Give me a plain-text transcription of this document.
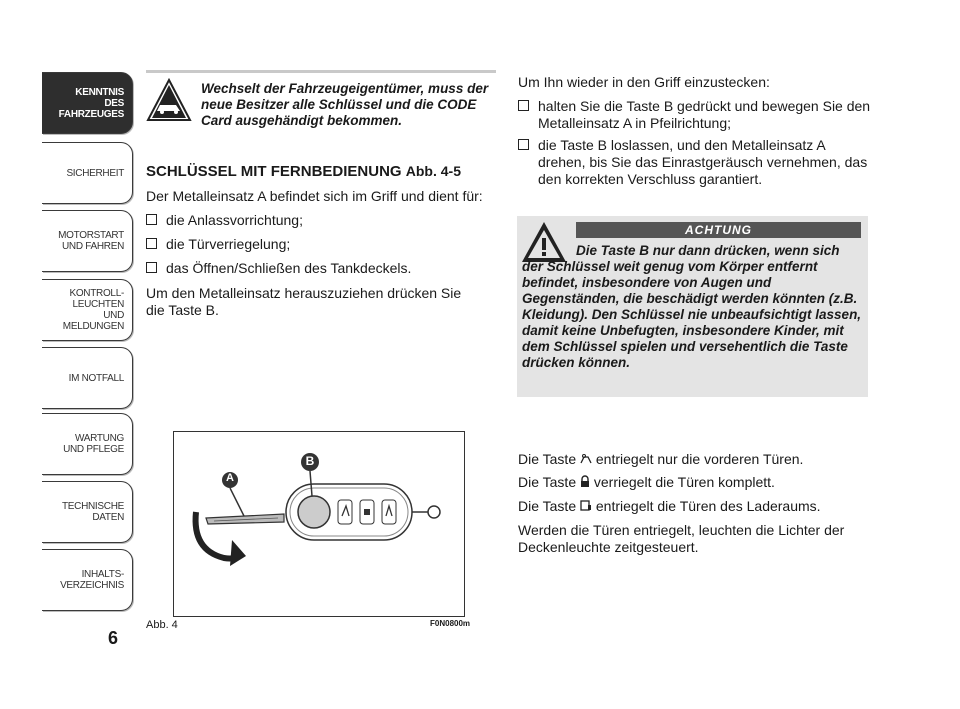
KENNTNIS
DES FAHRZEUGES
SICHERHEIT
MOTORSTART
UND FAHREN
KONTROLL-
LEUCHTEN
UND MELDUNGEN
IM NOTFALL
WARTUNG
UND PFLEGE
TECHNISCHE
DATEN
INHALTS-
VERZEICHNIS
6
Wechselt der Fahrzeugeigentümer, muss der neue Besitzer alle Schlüssel und die CODE Card ausgehändigt bekommen.
SCHLÜSSEL MIT FERNBEDIENUNG Abb. 4-5
Der Metalleinsatz A befindet sich im Griff und dient für:
die Anlassvorrichtung;
die Türverriegelung;
das Öffnen/Schließen des Tankdeckels.
Um den Metalleinsatz herauszuziehen drücken Sie die Taste B.
A
B
Abb. 4	F0N0800m
Um Ihn wieder in den Griff einzustecken:
halten Sie die Taste B gedrückt und bewegen Sie den Metalleinsatz A in Pfeilrichtung;
die Taste B loslassen, und den Metalleinsatz A drehen, bis Sie das Einrastgeräusch vernehmen, das den korrekten Verschluss garantiert.
ACHTUNG
Die Taste B nur dann drücken, wenn sich der Schlüssel weit genug vom Körper entfernt befindet, insbesondere von Augen und Gegenständen, die beschädigt werden könnten (z.B. Kleidung). Den Schlüssel nie unbeaufsichtigt lassen, damit keine Unbefugten, insbesondere Kinder, mit dem Schlüssel spielen und versehentlich die Taste drücken können.
Die Taste entriegelt nur die vorderen Türen.
Die Taste verriegelt die Türen komplett.
Die Taste entriegelt die Türen des Laderaums.
Werden die Türen entriegelt, leuchten die Lichter der Deckenleuchte zeitgesteuert.
